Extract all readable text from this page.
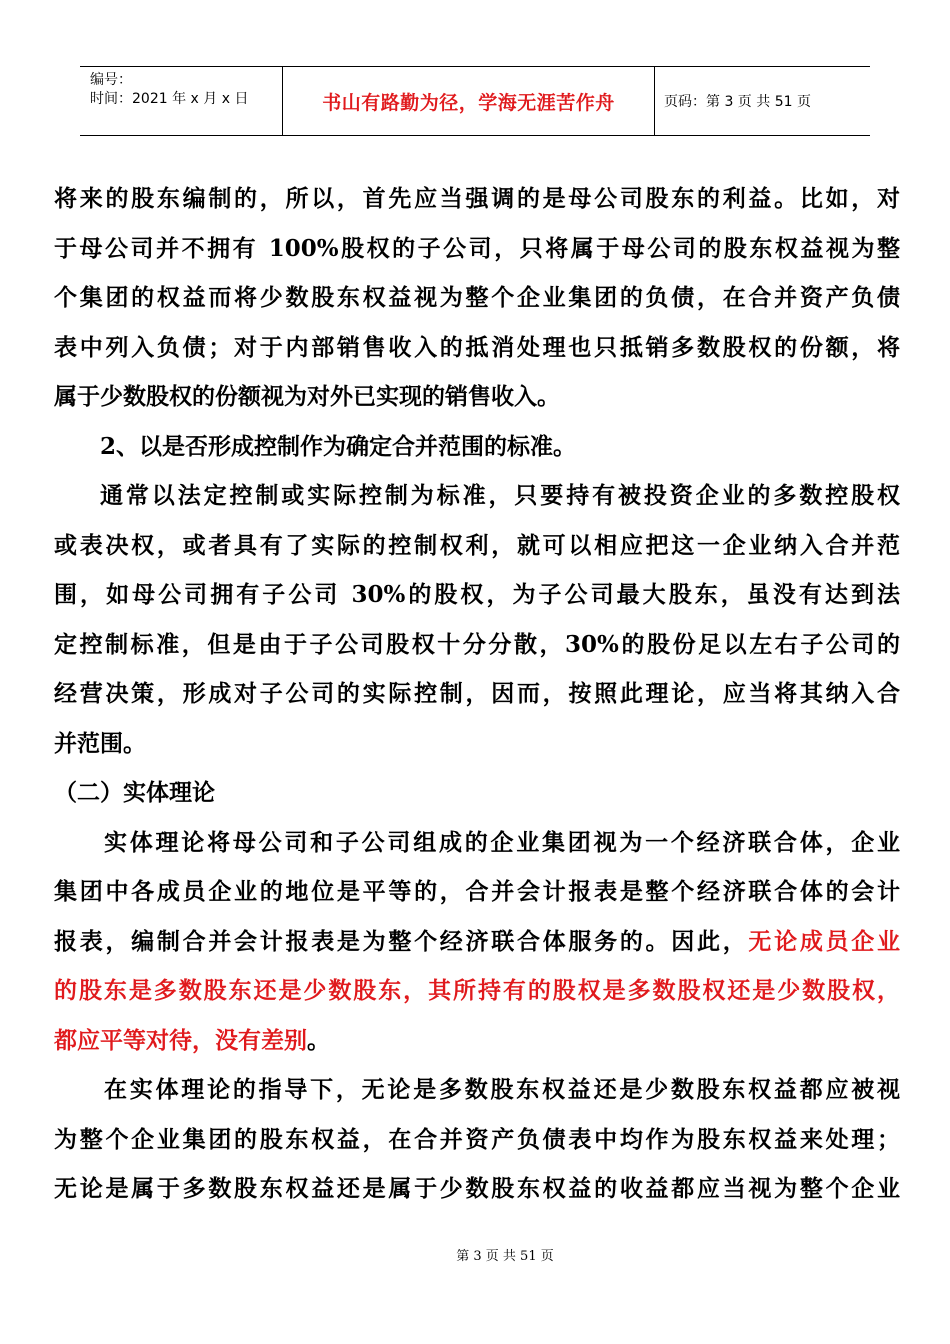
编号：
时间：2021 年 x 月 x 日	书山有路勤为径，学海无涯苦作舟	页码：第 3 页 共 51 页
将来的股东编制的，所以，首先应当强调的是母公司股东的利益。比如，对
于母公司并不拥有 100%股权的子公司，只将属于母公司的股东权益视为整
个集团的权益而将少数股东权益视为整个企业集团的负债，在合并资产负债
表中列入负债；对于内部销售收入的抵消处理也只抵销多数股权的份额，将
属于少数股权的份额视为对外已实现的销售收入。
2、以是否形成控制作为确定合并范围的标准。
通常以法定控制或实际控制为标准，只要持有被投资企业的多数控股权
或表决权，或者具有了实际的控制权利，就可以相应把这一企业纳入合并范
围，如母公司拥有子公司 30%的股权，为子公司最大股东，虽没有达到法
定控制标准，但是由于子公司股权十分分散，30%的股份足以左右子公司的
经营决策，形成对子公司的实际控制，因而，按照此理论，应当将其纳入合
并范围。
（二）实体理论
实体理论将母公司和子公司组成的企业集团视为一个经济联合体，企业
集团中各成员企业的地位是平等的，合并会计报表是整个经济联合体的会计
报表，编制合并会计报表是为整个经济联合体服务的。因此，无论成员企业
的股东是多数股东还是少数股东，其所持有的股权是多数股权还是少数股权，
都应平等对待，没有差别。
在实体理论的指导下，无论是多数股东权益还是少数股东权益都应被视
为整个企业集团的股东权益，在合并资产负债表中均作为股东权益来处理；
无论是属于多数股东权益还是属于少数股东权益的收益都应当视为整个企业
第 3 页 共 51 页
